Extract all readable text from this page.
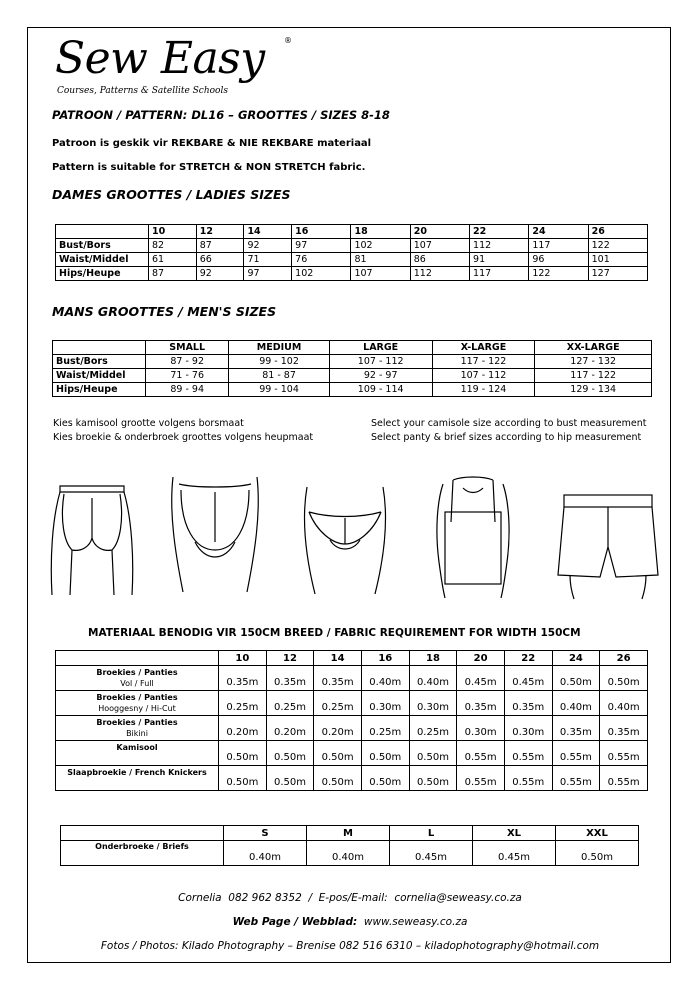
Sew Easy ®
Courses, Patterns & Satellite Schools
PATROON / PATTERN: DL16 – GROOTTES / SIZES 8-18
Patroon is geskik vir REKBARE & NIE REKBARE materiaal
Pattern is suitable for STRETCH & NON STRETCH fabric.
DAMES GROOTTES / LADIES SIZES
	10	12	14	16	18	20	22	24	26
Bust/Bors	82	87	92	97	102	107	112	117	122
Waist/Middel	61	66	71	76	81	86	91	96	101
Hips/Heupe	87	92	97	102	107	112	117	122	127
MANS GROOTTES / MEN'S SIZES
	SMALL	MEDIUM	LARGE	X-LARGE	XX-LARGE
Bust/Bors	87 - 92	99 - 102	107 - 112	117 - 122	127 - 132
Waist/Middel	71 - 76	81 - 87	92 - 97	107 - 112	117 - 122
Hips/Heupe	89 - 94	99 - 104	109 - 114	119 - 124	129 - 134
Kies kamisool grootte volgens borsmaat
Kies broekie & onderbroek groottes volgens heupmaat
Select your camisole size according to bust measurement
Select panty & brief sizes according to hip measurement
MATERIAAL BENODIG VIR 150CM BREED / FABRIC REQUIREMENT FOR WIDTH 150CM
	10	12	14	16	18	20	22	24	26

Broekies / Panties
Vol / Full	0.35m	0.35m	0.35m	0.40m	0.40m	0.45m	0.45m	0.50m	0.50m

Broekies / Panties
Hooggesny / Hi-Cut	0.25m	0.25m	0.25m	0.30m	0.30m	0.35m	0.35m	0.40m	0.40m

Broekies / Panties
Bikini	0.20m	0.20m	0.20m	0.25m	0.25m	0.30m	0.30m	0.35m	0.35m

Kamisool	0.50m	0.50m	0.50m	0.50m	0.50m	0.55m	0.55m	0.55m	0.55m

Slaapbroekie / French Knickers	0.50m	0.50m	0.50m	0.50m	0.50m	0.55m	0.55m	0.55m	0.55m
	S	M	L	XL	XXL
Onderbroeke / Briefs	0.40m	0.40m	0.45m	0.45m	0.50m
Cornelia 082 962 8352  /  E-pos/E-mail: cornelia@seweasy.co.za
Web Page / Webblad: www.seweasy.co.za
Fotos / Photos: Kilado Photography – Brenise 082 516 6310 – kiladophotography@hotmail.com
